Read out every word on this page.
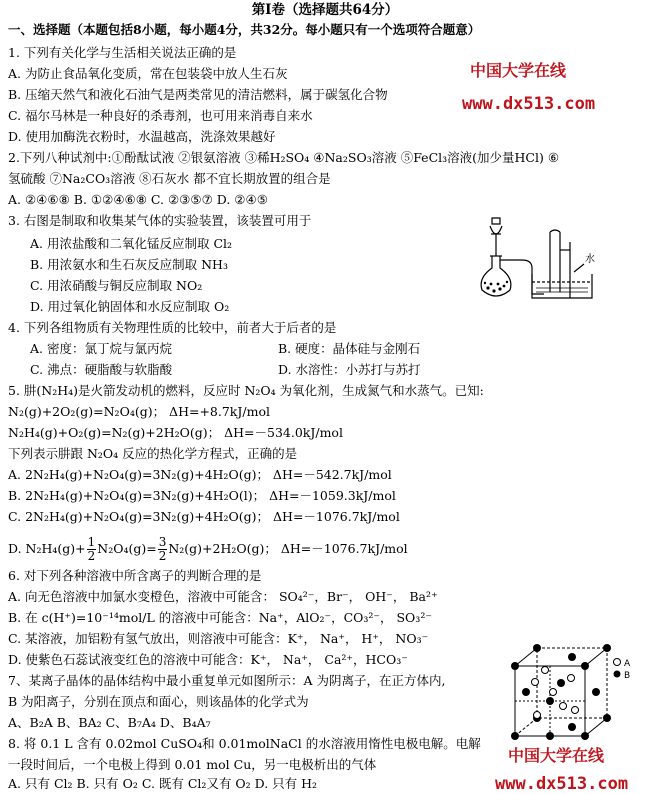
第Ⅰ卷（选择题共64分）
一、选择题（本题包括8小题，每小题4分，共32分。每小题只有一个选项符合题意）
中国大学在线
www.dx513.com
中国大学在线
www.dx513.com
1. 下列有关化学与生活相关说法正确的是
A. 为防止食品氧化变质，常在包装袋中放人生石灰
B. 压缩天然气和液化石油气是两类常见的清洁燃料，属于碳氢化合物
C. 福尔马林是一种良好的杀毒剂，也可用来消毒自来水
D. 使用加酶洗衣粉时，水温越高，洗涤效果越好
2.下列八种试剂中:①酚酞试液 ②银氨溶液 ③稀H₂SO₄ ④Na₂SO₃溶液 ⑤FeCl₃溶液(加少量HCl) ⑥
氢硫酸 ⑦Na₂CO₃溶液 ⑧石灰水 都不宜长期放置的组合是
A. ②④⑥⑧ B. ①②④⑥⑧ C. ②③⑤⑦ D. ②④⑤
3. 右图是制取和收集某气体的实验装置，该装置可用于
A. 用浓盐酸和二氧化锰反应制取 Cl₂
B. 用浓氨水和生石灰反应制取 NH₃
C. 用浓硝酸与铜反应制取 NO₂
D. 用过氧化钠固体和水反应制取 O₂
水
4. 下列各组物质有关物理性质的比较中，前者大于后者的是
A. 密度：氯丁烷与氯丙烷	B. 硬度：晶体硅与金刚石
C. 沸点：硬脂酸与软脂酸	D. 水溶性：小苏打与苏打
5. 肼(N₂H₄)是火箭发动机的燃料，反应时 N₂O₄ 为氧化剂，生成氮气和水蒸气。已知:
N₂(g)+2O₂(g)=N₂O₄(g)； ΔH=+8.7kJ/mol
N₂H₄(g)+O₂(g)=N₂(g)+2H₂O(g)； ΔH=－534.0kJ/mol
下列表示肼跟 N₂O₄ 反应的热化学方程式，正确的是
A. 2N₂H₄(g)+N₂O₄(g)=3N₂(g)+4H₂O(g)； ΔH=－542.7kJ/mol
B. 2N₂H₄(g)+N₂O₄(g)=3N₂(g)+4H₂O(l)； ΔH=－1059.3kJ/mol
C. 2N₂H₄(g)+N₂O₄(g)=3N₂(g)+4H₂O(g)； ΔH=－1076.7kJ/mol
D. $N_2H_4(g)+ \frac{1}{2} N_2O_4(g)= \frac{3}{2} N_2(g)+2H_2O(g)$； ΔH=－1076.7kJ/mol
6. 对下列各种溶液中所含离子的判断合理的是
A. 向无色溶液中加氯水变橙色，溶液中可能含： SO₄²⁻，Br⁻， OH⁻， Ba²⁺
B. 在 c(H⁺)=10⁻¹⁴mol/L 的溶液中可能含：Na⁺，AlO₂⁻，CO₃²⁻， SO₃²⁻
C. 某溶液，加铝粉有氢气放出，则溶液中可能含：K⁺， Na⁺， H⁺， NO₃⁻
D. 使紫色石蕊试液变红色的溶液中可能含：K⁺， Na⁺， Ca²⁺，HCO₃⁻
7、某离子晶体的晶体结构中最小重复单元如图所示：A 为阴离子，在正方体内,
B 为阳离子，分别在顶点和面心，则该晶体的化学式为
A、B₂A B、BA₂ C、B₇A₄ D、B₄A₇
A
B
8. 将 0.1 L 含有 0.02mol CuSO₄和 0.01molNaCl 的水溶液用惰性电极电解。电解
一段时间后，一个电极上得到 0.01 mol Cu，另一电极析出的气体
A. 只有 Cl₂ B. 只有 O₂ C. 既有 Cl₂又有 O₂ D. 只有 H₂
